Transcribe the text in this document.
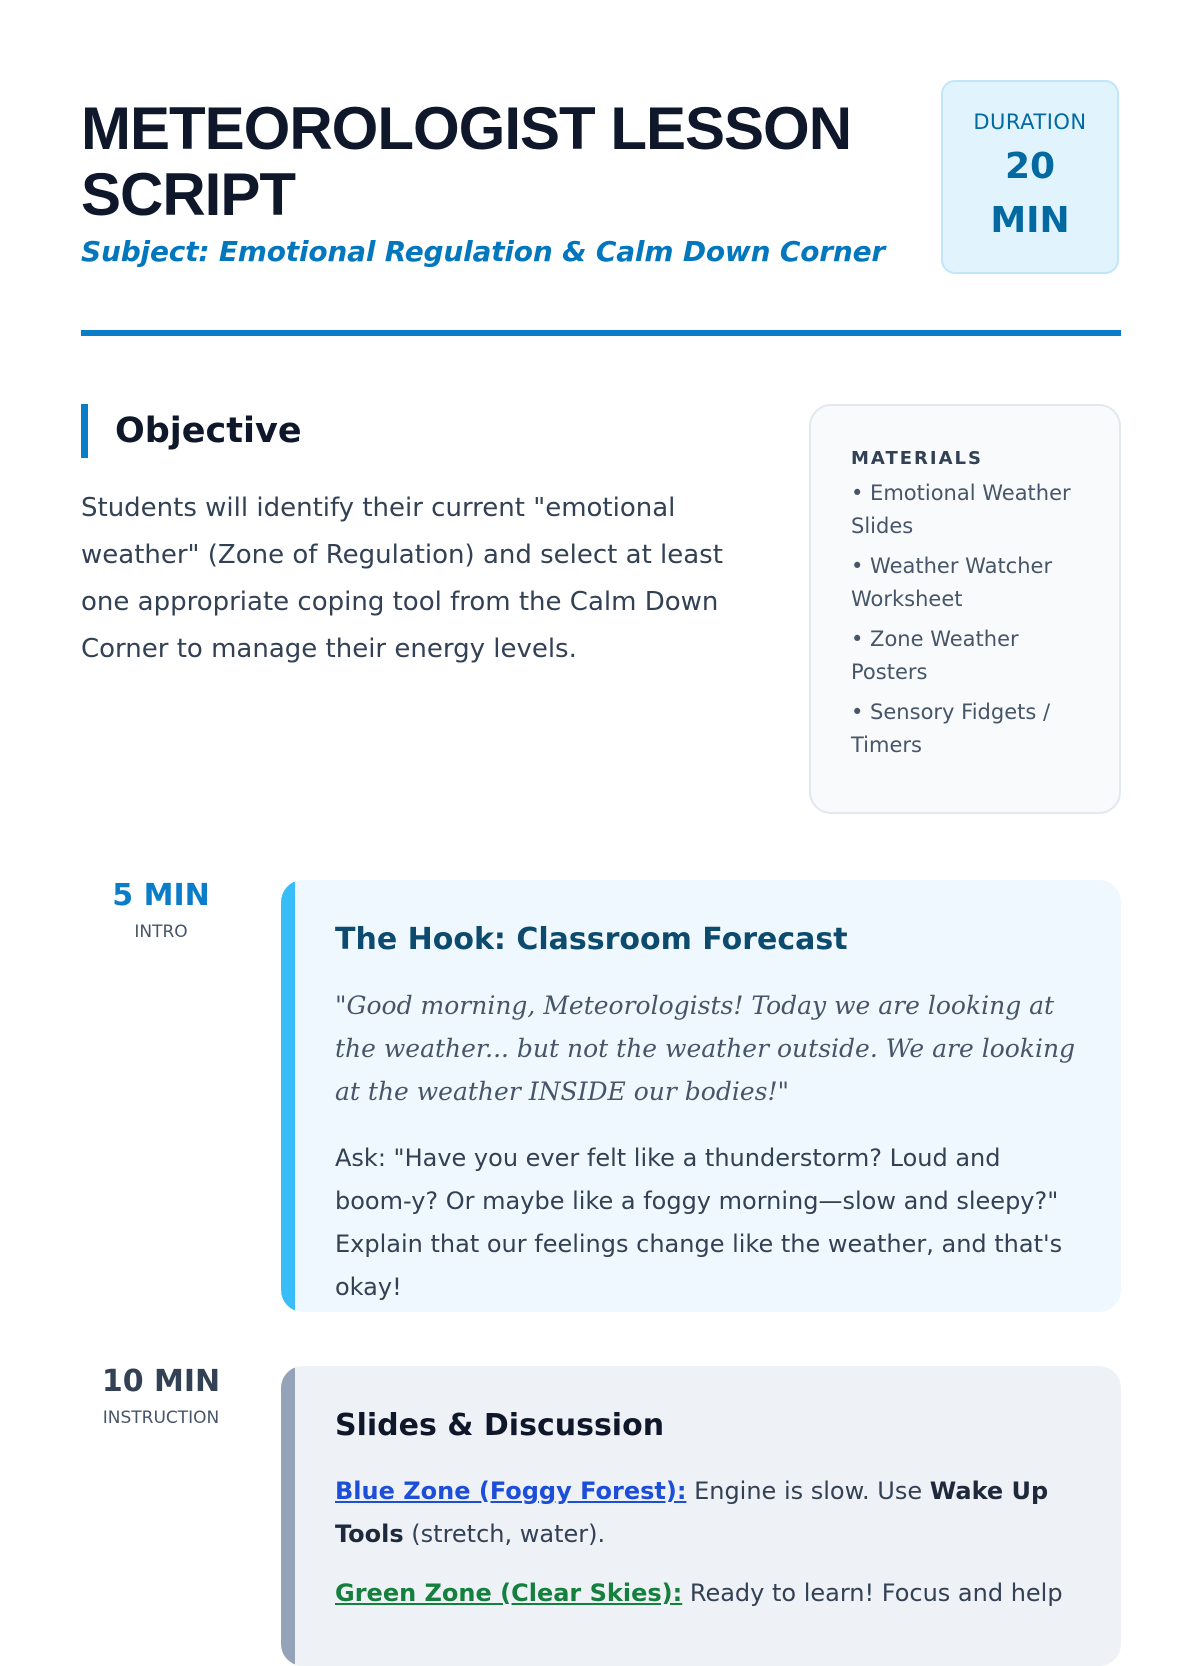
METEOROLOGIST LESSON SCRIPT
Subject: Emotional Regulation & Calm Down Corner
DURATION
20 MIN
Objective

Students will identify their current "emotional weather" (Zone of Regulation) and select at least one appropriate coping tool from the Calm Down Corner to manage their energy levels.

MATERIALS
• Emotional Weather Slides
• Weather Watcher Worksheet
• Zone Weather Posters
• Sensory Fidgets / Timers
5 MIN
INTRO	The Hook: Classroom Forecast

"Good morning, Meteorologists! Today we are looking at the weather... but not the weather outside. We are looking at the weather INSIDE our bodies!"

Ask: "Have you ever felt like a thunderstorm? Loud and boom-y? Or maybe like a foggy morning—slow and sleepy?" Explain that our feelings change like the weather, and that's okay!

10 MIN
INSTRUCTION	Slides & Discussion

Blue Zone (Foggy Forest): Engine is slow. Use Wake Up Tools (stretch, water).

Green Zone (Clear Skies): Ready to learn! Focus and help
